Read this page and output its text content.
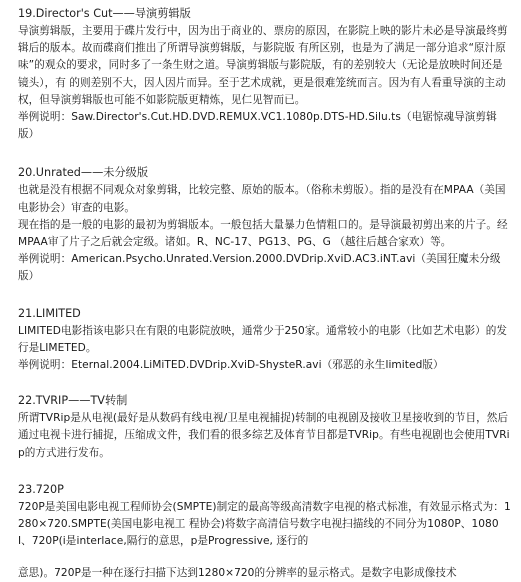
19.Director's Cut——导演剪辑版

导演剪辑版，主要用于碟片发行中，因为出于商业的、票房的原因，在影院上映的影片未必是导演最终剪辑后的版本。故而碟商们推出了所谓导演剪辑版，与影院版 有所区别，也是为了满足一部分追求“原汁原味”的观众的要求，同时多了一条生财之道。导演剪辑版与影院版，有的差别较大（无论是放映时间还是镜头），有 的则差别不大，因人因片而异。至于艺术成就，更是很难笼统而言。因为有人看重导演的主动权，但导演剪辑版也可能不如影院版更精炼，见仁见智而已。

举例说明：Saw.Director's.Cut.HD.DVD.REMUX.VC1.1080p.DTS-HD.Silu.ts（电锯惊魂导演剪辑版）

20.Unrated——未分级版

也就是没有根据不同观众对象剪辑，比较完整、原始的版本。（俗称未剪版）。指的是没有在MPAA（美国电影协会）审查的电影。

现在指的是一般的电影的最初为剪辑版本。一般包括大量暴力色情粗口的。是导演最初剪出来的片子。经MPAA审了片子之后就会定级。诸如。R、NC-17、PG13、PG、G （越往后越合家欢）等。

举例说明：American.Psycho.Unrated.Version.2000.DVDrip.XviD.AC3.iNT.avi（美国狂魔未分级版）

21.LIMITED

LIMITED电影指该电影只在有限的电影院放映，通常少于250家。通常较小的电影（比如艺术电影）的发行是LIMETED。

举例说明：Eternal.2004.LiMiTED.DVDrip.XviD-ShysteR.avi（邪恶的永生limited版）

22.TVRIP——TV转制

所谓TVRip是从电视(最好是从数码有线电视/卫星电视捕捉)转制的电视剧及接收卫星接收到的节目，然后通过电视卡进行捕捉，压缩成文件，我们看的很多综艺及体育节目都是TVRip。有些电视剧也会使用TVRip的方式进行发布。

23.720P

720P是美国电影电视工程师协会(SMPTE)制定的最高等级高清数字电视的格式标准，有效显示格式为：1280×720.SMPTE(美国电影电视工 程协会)将数字高清信号数字电视扫描线的不同分为1080P、1080I、720P(i是interlace,隔行的意思，p是Progressive, 逐行的

意思)。720P是一种在逐行扫描下达到1280×720的分辨率的显示格式。是数字电影成像技术
